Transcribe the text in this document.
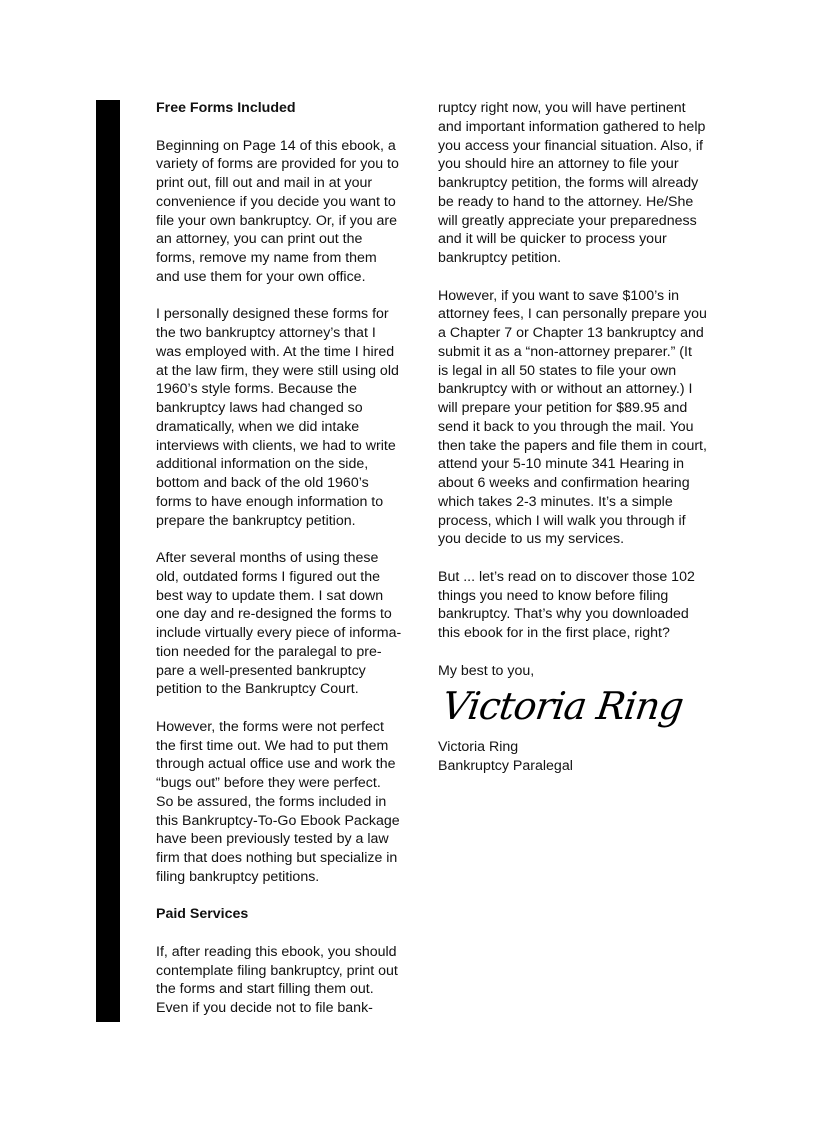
Free Forms Included
Beginning on Page 14 of this ebook, a
variety of forms are provided for you to
print out, fill out and mail in at your
convenience if you decide you want to
file your own bankruptcy. Or, if you are
an attorney, you can print out the
forms, remove my name from them
and use them for your own office.
I personally designed these forms for
the two bankruptcy attorney’s that I
was employed with. At the time I hired
at the law firm, they were still using old
1960’s style forms. Because the
bankruptcy laws had changed so
dramatically, when we did intake
interviews with clients, we had to write
additional information on the side,
bottom and back of the old 1960’s
forms to have enough information to
prepare the bankruptcy petition.
After several months of using these
old, outdated forms I figured out the
best way to update them. I sat down
one day and re-designed the forms to
include virtually every piece of informa-
tion needed for the paralegal to pre-
pare a well-presented bankruptcy
petition to the Bankruptcy Court.
However, the forms were not perfect
the first time out. We had to put them
through actual office use and work the
“bugs out” before they were perfect.
So be assured, the forms included in
this Bankruptcy-To-Go Ebook Package
have been previously tested by a law
firm that does nothing but specialize in
filing bankruptcy petitions.
Paid Services
If, after reading this ebook, you should
contemplate filing bankruptcy, print out
the forms and start filling them out.
Even if you decide not to file bank-
ruptcy right now, you will have pertinent
and important information gathered to help
you access your financial situation. Also, if
you should hire an attorney to file your
bankruptcy petition, the forms will already
be ready to hand to the attorney. He/She
will greatly appreciate your preparedness
and it will be quicker to process your
bankruptcy petition.
However, if you want to save $100’s in
attorney fees, I can personally prepare you
a Chapter 7 or Chapter 13 bankruptcy and
submit it as a “non-attorney preparer.” (It
is legal in all 50 states to file your own
bankruptcy with or without an attorney.) I
will prepare your petition for $89.95 and
send it back to you through the mail. You
then take the papers and file them in court,
attend your 5-10 minute 341 Hearing in
about 6 weeks and confirmation hearing
which takes 2-3 minutes. It’s a simple
process, which I will walk you through if
you decide to us my services.
But ... let’s read on to discover those 102
things you need to know before filing
bankruptcy. That’s why you downloaded
this ebook for in the first place, right?
My best to you,
Victoria Ring
Victoria Ring
Bankruptcy Paralegal
